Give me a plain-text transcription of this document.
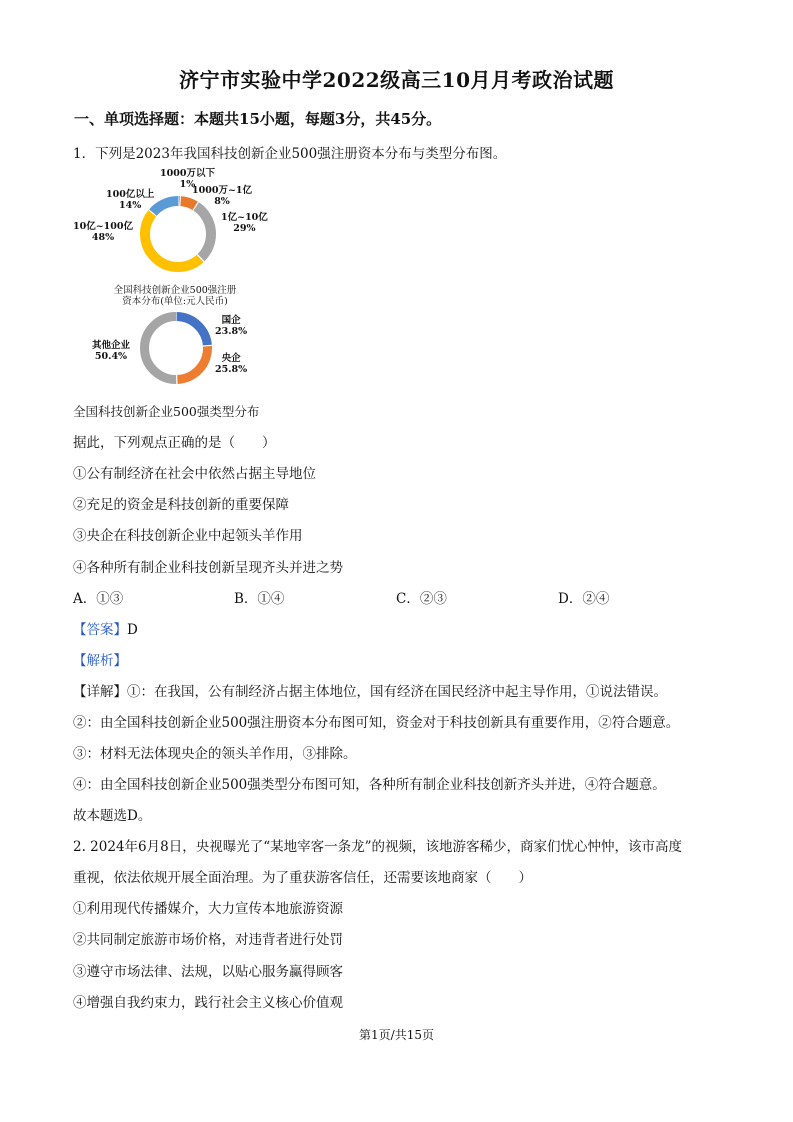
济宁市实验中学2022级高三10月月考政治试题
一、单项选择题：本题共15小题，每题3分，共45分。
1．下列是2023年我国科技创新企业500强注册资本分布与类型分布图。
1000万以下
1%
1000万~1亿
8%
1亿~10亿
29%
10亿~100亿
48%
100亿以上
14%
全国科技创新企业500强注册资本分布(单位:元人民币)
国企
23.8%
央企
25.8%
其他企业
50.4%
全国科技创新企业500强类型分布
据此，下列观点正确的是（　　）
①公有制经济在社会中依然占据主导地位
②充足的资金是科技创新的重要保障
③央企在科技创新企业中起领头羊作用
④各种所有制企业科技创新呈现齐头并进之势
A．①③	B．①④	C．②③	D．②④
【答案】D
【解析】
【详解】①：在我国，公有制经济占据主体地位，国有经济在国民经济中起主导作用，①说法错误。
②：由全国科技创新企业500强注册资本分布图可知，资金对于科技创新具有重要作用，②符合题意。
③：材料无法体现央企的领头羊作用，③排除。
④：由全国科技创新企业500强类型分布图可知，各种所有制企业科技创新齐头并进，④符合题意。
故本题选D。
2. 2024年6月8日，央视曝光了“某地宰客一条龙”的视频，该地游客稀少，商家们忧心忡忡，该市高度
重视，依法依规开展全面治理。为了重获游客信任，还需要该地商家（　　）
①利用现代传播媒介，大力宣传本地旅游资源
②共同制定旅游市场价格，对违背者进行处罚
③遵守市场法律、法规，以贴心服务赢得顾客
④增强自我约束力，践行社会主义核心价值观
第1页/共15页
